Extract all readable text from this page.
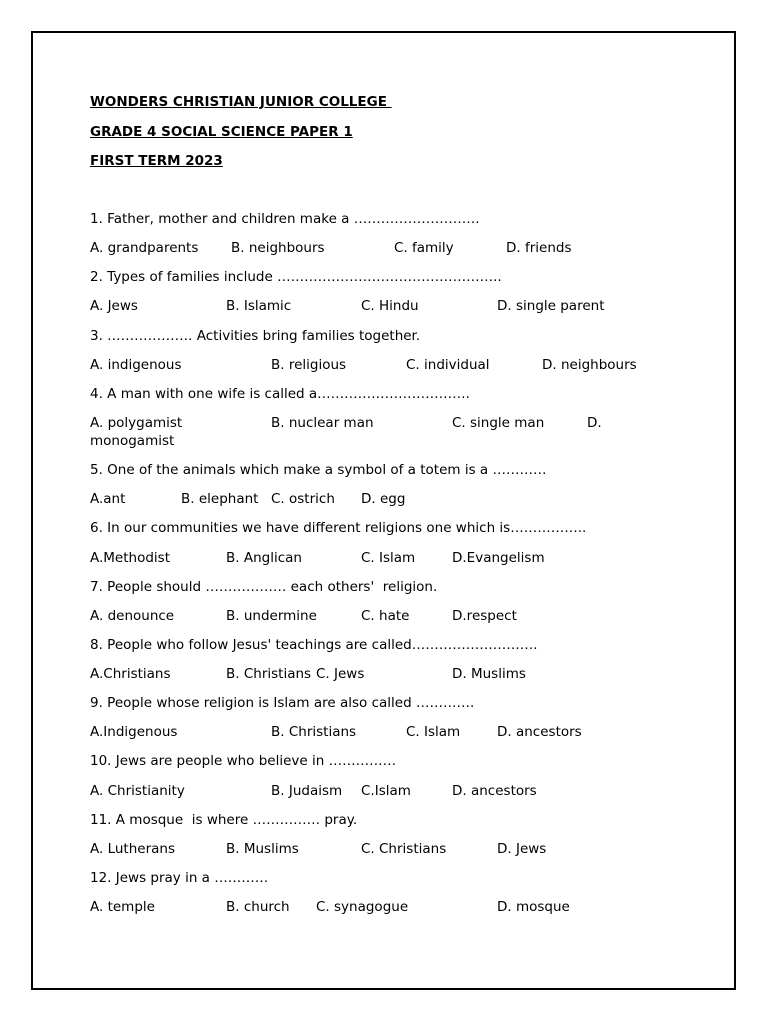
WONDERS CHRISTIAN JUNIOR COLLEGE
GRADE 4 SOCIAL SCIENCE PAPER 1
FIRST TERM 2023
1. Father, mother and children make a ……………………….
A. grandparents B. neighbours	C. family	D. friends
2. Types of families include …………………………………………..
A. Jews	B. Islamic	C. Hindu	D. single parent
3. ………………. Activities bring families together.
A. indigenous	B. religious	C. individual	D. neighbours
4. A man with one wife is called a…………………………….
A. polygamist	B. nuclear man	C. single man	D.
monogamist
5. One of the animals which make a symbol of a totem is a …………
A.ant	B. elephant C. ostrich D. egg
6. In our communities we have different religions one which is……………..
A.Methodist	B. Anglican	C. Islam	D.Evangelism
7. People should ……………… each others'  religion.
A. denounce	B. undermine	C. hate	D.respect
8. People who follow Jesus' teachings are called……………………….
A.Christians	B. Christians C. Jews	D. Muslims
9. People whose religion is Islam are also called ………….
A.Indigenous	B. Christians	C. Islam	D. ancestors
10. Jews are people who believe in ……………
A. Christianity	B. Judaism C.Islam	D. ancestors
11. A mosque  is where …………… pray.
A. Lutherans	B. Muslims	C. Christians	D. Jews
12. Jews pray in a …………
A. temple	B. church C. synagogue	D. mosque
